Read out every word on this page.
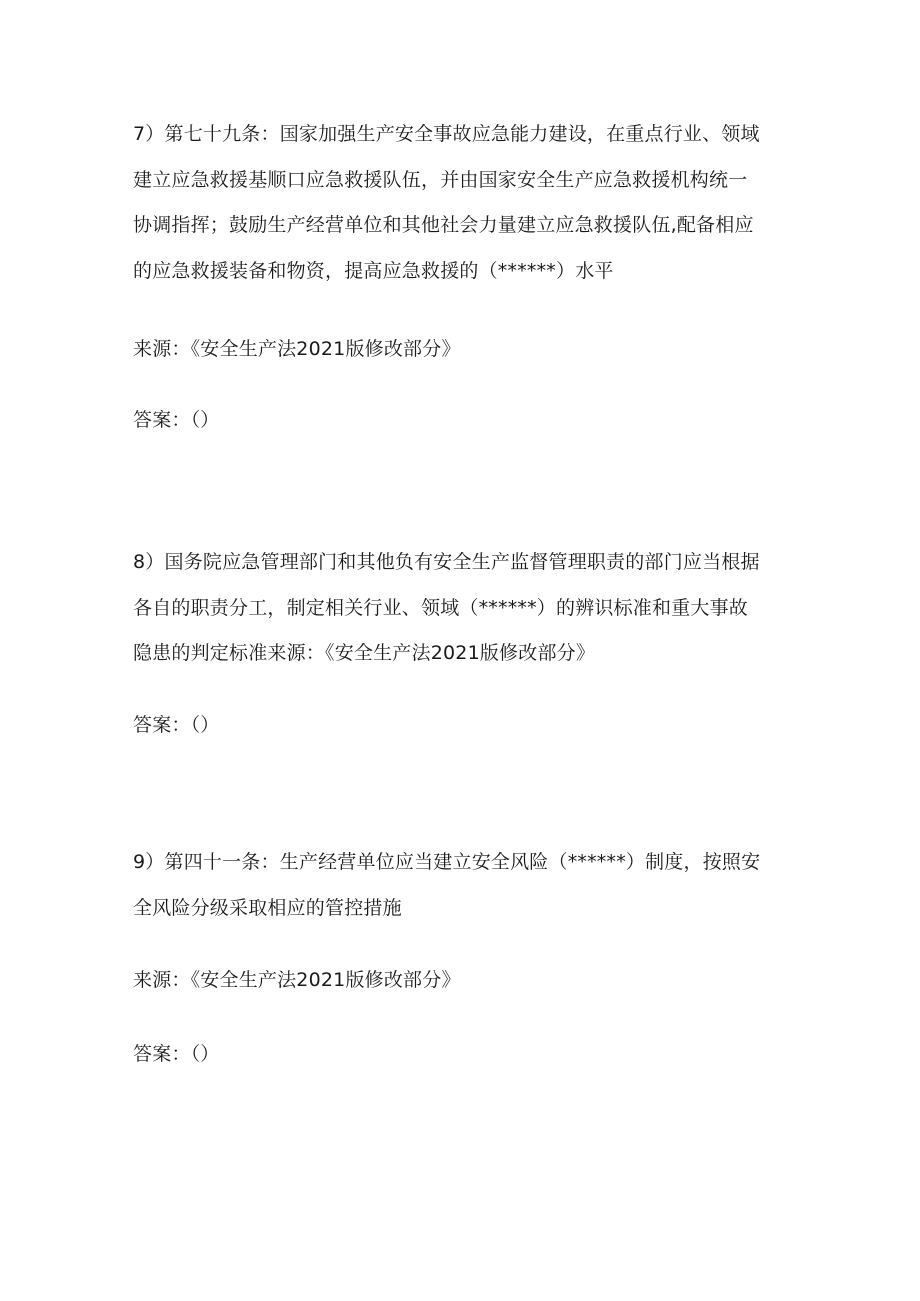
7）第七十九条：国家加强生产安全事故应急能力建设，在重点行业、领域
建立应急救援基顺口应急救援队伍，并由国家安全生产应急救援机构统一
协调指挥；鼓励生产经营单位和其他社会力量建立应急救援队伍,配备相应
的应急救援装备和物资，提高应急救援的（******）水平
来源：《安全生产法2021版修改部分》
答案：（）
8）国务院应急管理部门和其他负有安全生产监督管理职责的部门应当根据
各自的职责分工，制定相关行业、领域（******）的辨识标准和重大事故
隐患的判定标准来源：《安全生产法2021版修改部分》
答案：（）
9）第四十一条：生产经营单位应当建立安全风险（******）制度，按照安
全风险分级采取相应的管控措施
来源：《安全生产法2021版修改部分》
答案：（）
